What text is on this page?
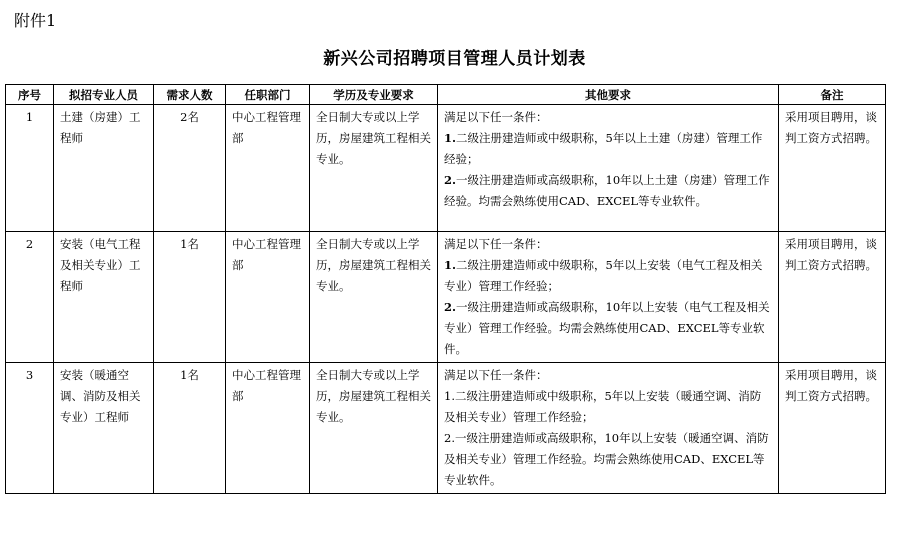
附件1
新兴公司招聘项目管理人员计划表
序号	拟招专业人员	需求人数	任职部门	学历及专业要求	其他要求	备注
1	土建（房建）工程师	2名	中心工程管理部	全日制大专或以上学历，房屋建筑工程相关专业。	满足以下任一条件：
1.二级注册建造师或中级职称，5年以上土建（房建）管理工作经验；
2.一级注册建造师或高级职称，10年以上土建（房建）管理工作经验。均需会熟练使用CAD、EXCEL等专业软件。	采用项目聘用，谈判工资方式招聘。
2	安装（电气工程及相关专业）工程师	1名	中心工程管理部	全日制大专或以上学历，房屋建筑工程相关专业。	满足以下任一条件：
1.二级注册建造师或中级职称，5年以上安装（电气工程及相关专业）管理工作经验；
2.一级注册建造师或高级职称，10年以上安装（电气工程及相关专业）管理工作经验。均需会熟练使用CAD、EXCEL等专业软件。	采用项目聘用，谈判工资方式招聘。
3	安装（暖通空调、消防及相关专业）工程师	1名	中心工程管理部	全日制大专或以上学历，房屋建筑工程相关专业。	满足以下任一条件：
1.二级注册建造师或中级职称，5年以上安装（暖通空调、消防及相关专业）管理工作经验；
2.一级注册建造师或高级职称，10年以上安装（暖通空调、消防及相关专业）管理工作经验。均需会熟练使用CAD、EXCEL等专业软件。	采用项目聘用，谈判工资方式招聘。
